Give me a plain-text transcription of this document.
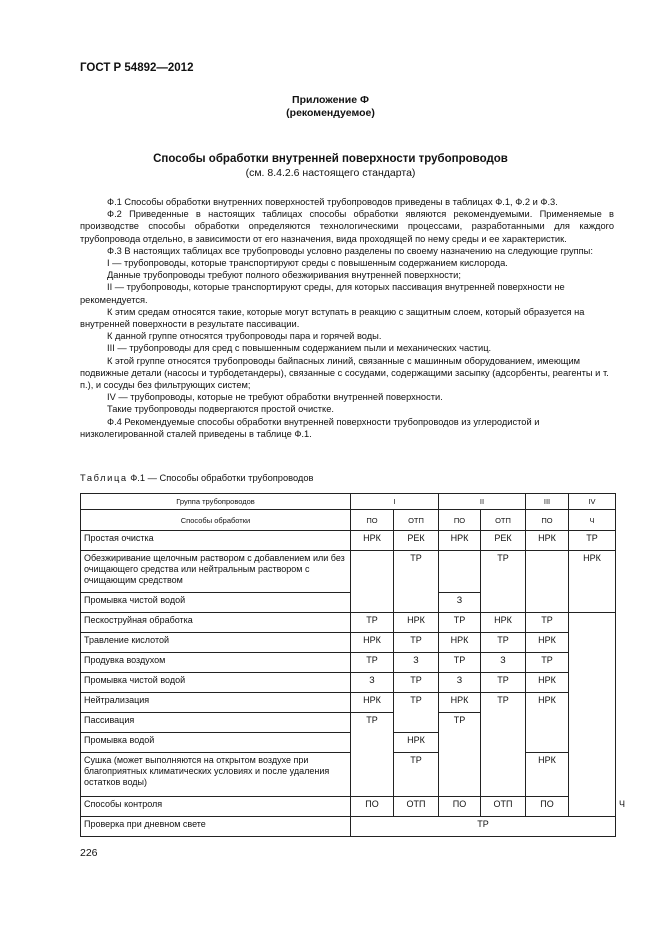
ГОСТ Р 54892—2012
Приложение Ф
(рекомендуемое)
Способы обработки внутренней поверхности трубопроводов
(см. 8.4.2.6 настоящего стандарта)

Ф.1 Способы обработки внутренних поверхностей трубопроводов приведены в таблицах Ф.1, Ф.2 и Ф.3.

Ф.2 Приведенные в настоящих таблицах способы обработки являются рекомендуемыми. Применяемые в производстве способы обработки определяются технологическими процессами, разработанными для каждого трубопровода отдельно, в зависимости от его назначения, вида проходящей по нему среды и ее характеристик.

Ф.3 В настоящих таблицах все трубопроводы условно разделены по своему назначению на следующие группы:

I — трубопроводы, которые транспортируют среды с повышенным содержанием кислорода.

Данные трубопроводы требуют полного обезжиривания внутренней поверхности;

II — трубопроводы, которые транспортируют среды, для которых пассивация внутренней поверхности не рекомендуется.

К этим средам относятся такие, которые могут вступать в реакцию с защитным слоем, который образуется на внутренней поверхности в результате пассивации.

К данной группе относятся трубопроводы пара и горячей воды.

III — трубопроводы для сред с повышенным содержанием пыли и механических частиц.

К этой группе относятся трубопроводы байпасных линий, связанные с машинным оборудованием, имеющим подвижные детали (насосы и турбодетандеры), связанные с сосудами, содержащими засыпку (адсорбенты, реагенты и т. п.), и сосуды без фильтрующих систем;

IV — трубопроводы, которые не требуют обработки внутренней поверхности.

Такие трубопроводы подвергаются простой очистке.

Ф.4 Рекомендуемые способы обработки внутренней поверхности трубопроводов из углеродистой и низколегированной сталей приведены в таблице Ф.1.

Таблица Ф.1 — Способы обработки трубопроводов
Группа трубопроводов	I		II		III	IV	
Способы обработки	ПО	ОТП	ПО	ОТП	ПО	Ч	
Простая очистка	НРК	РЕК	НРК	РЕК	НРК	ТР	
Обезжиривание щелочным раствором с добавлением или без очищающего средства или нейтральным раствором с очищающим средством		ТР		ТР		НРК	
Промывка чистой водой			З				
Пескоструйная обработка	ТР	НРК	ТР	НРК	ТР		
Травление кислотой	НРК	ТР	НРК	ТР	НРК		
Продувка воздухом	ТР	З	ТР	З	ТР		
Промывка чистой водой	З	ТР	З	ТР	НРК		
Нейтрализация	НРК	ТР	НРК	ТР	НРК		
Пассивация	ТР		ТР				
Промывка водой		НРК					
Сушка (может выполняются на открытом воздухе при благоприятных климатических условиях и после удаления остатков воды)		ТР			НРК		
Способы контроля	ПО	ОТП	ПО	ОТП	ПО		Ч
Проверка при дневном свете	ТР						
226
